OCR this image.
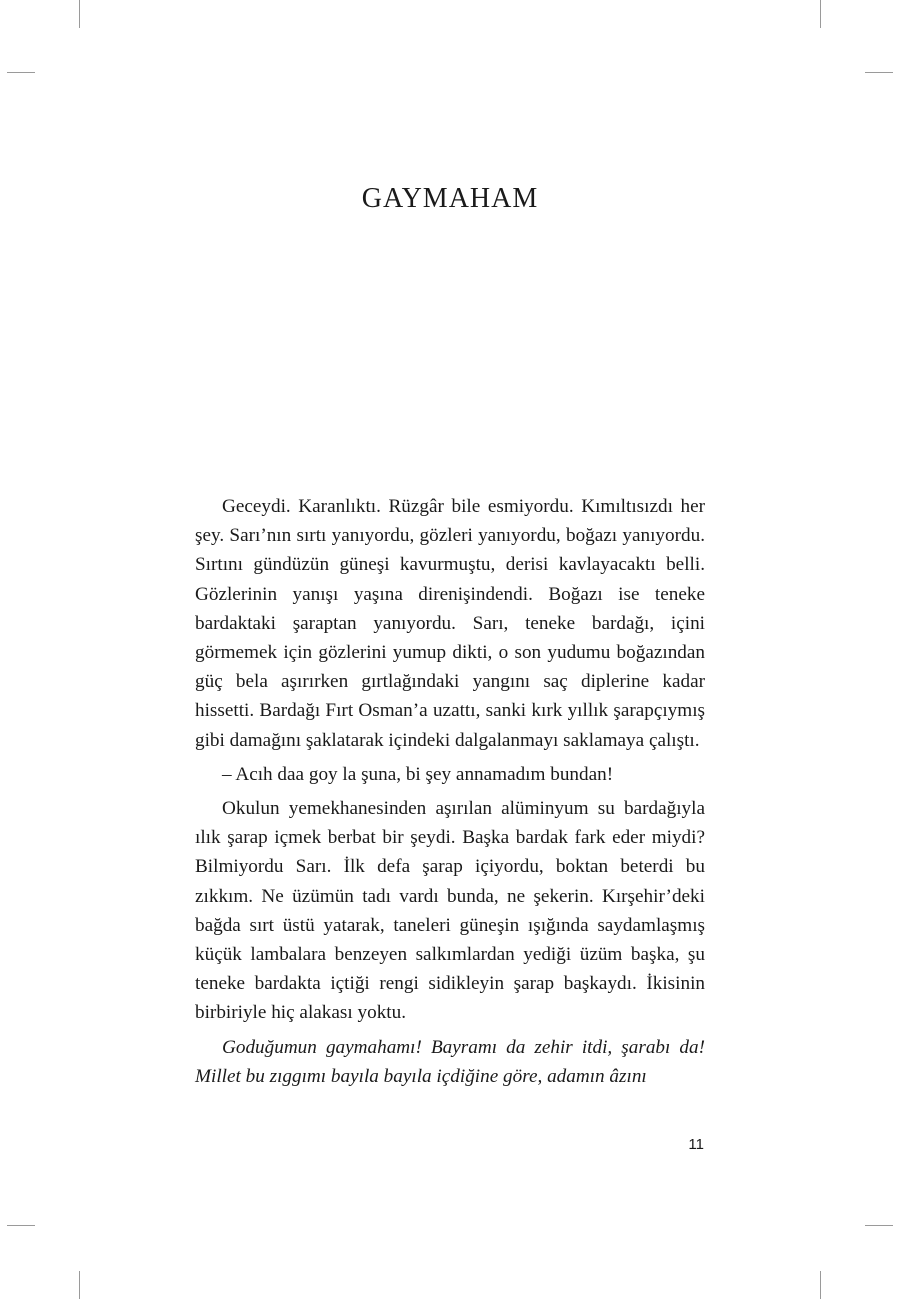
GAYMAHAM

Geceydi. Karanlıktı. Rüzgâr bile esmiyordu. Kımıltısızdı her şey. Sarı’nın sırtı yanıyordu, gözleri yanıyordu, boğazı yanıyordu. Sırtını gündüzün güneşi kavurmuştu, derisi kavlayacaktı belli. Gözlerinin yanışı yaşına direnişindendi. Boğazı ise teneke bardaktaki şaraptan yanıyordu. Sarı, teneke bardağı, içini görmemek için gözlerini yumup dikti, o son yudumu boğazından güç bela aşırırken gırtlağındaki yangını saç diplerine kadar hissetti. Bardağı Fırt Osman’a uzattı, sanki kırk yıllık şarapçıymış gibi damağını şaklatarak içindeki dalgalanmayı saklamaya çalıştı.

– Acıh daa goy la şuna, bi şey annamadım bundan!

Okulun yemekhanesinden aşırılan alüminyum su bardağıyla ılık şarap içmek berbat bir şeydi. Başka bardak fark eder miydi? Bilmiyordu Sarı. İlk defa şarap içiyordu, boktan beterdi bu zıkkım. Ne üzümün tadı vardı bunda, ne şekerin. Kırşehir’deki bağda sırt üstü yatarak, taneleri güneşin ışığında saydamlaşmış küçük lambalara benzeyen salkımlardan yediği üzüm başka, şu teneke bardakta içtiği rengi sidikleyin şarap başkaydı. İkisinin birbiriyle hiç alakası yoktu.

Goduğumun gaymahamı! Bayramı da zehir itdi, şarabı da! Millet bu zıggımı bayıla bayıla içdiğine göre, adamın âzını

11
